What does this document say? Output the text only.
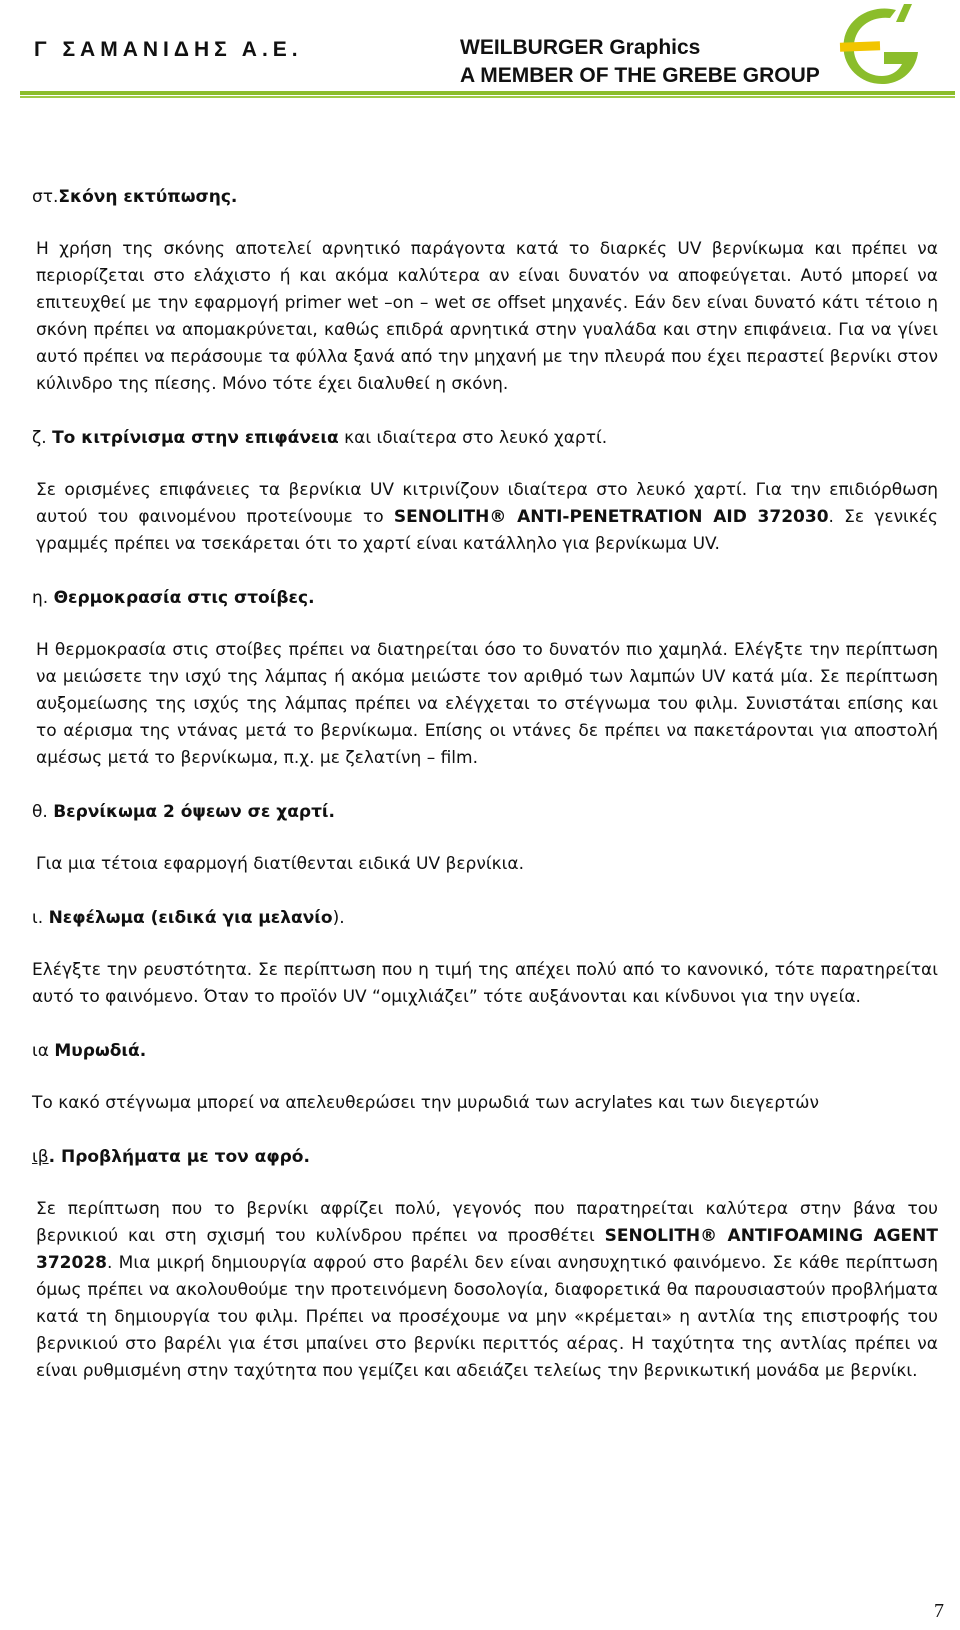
Γ ΣΑΜΑΝΙΔΗΣ Α.Ε.	WEILBURGER Graphics
A MEMBER OF THE GREBE GROUP

στ.Σκόνη εκτύπωσης.

Η χρήση της σκόνης αποτελεί αρνητικό παράγοντα κατά το διαρκές UV βερνίκωμα και πρέπει να περιορίζεται στο ελάχιστο ή και ακόμα καλύτερα αν είναι δυνατόν να αποφεύγεται. Αυτό μπορεί να επιτευχθεί με την εφαρμογή primer wet –on – wet σε offset μηχανές. Εάν δεν είναι δυνατό κάτι τέτοιο η σκόνη πρέπει να απομακρύνεται, καθώς επιδρά αρνητικά στην γυαλάδα και στην επιφάνεια. Για να γίνει αυτό πρέπει να περάσουμε τα φύλλα ξανά από την μηχανή με την πλευρά που έχει περαστεί βερνίκι στον κύλινδρο της πίεσης. Μόνο τότε έχει διαλυθεί η σκόνη.

ζ. Το κιτρίνισμα στην επιφάνεια και ιδιαίτερα στο λευκό χαρτί.

Σε ορισμένες επιφάνειες τα βερνίκια UV κιτρινίζουν ιδιαίτερα στο λευκό χαρτί. Για την επιδιόρθωση αυτού του φαινομένου προτείνουμε το SENOLITH® ANTI-PENETRATION AID 372030. Σε γενικές γραμμές πρέπει να τσεκάρεται ότι το χαρτί είναι κατάλληλο για βερνίκωμα UV.

η. Θερμοκρασία στις στοίβες.

Η θερμοκρασία στις στοίβες πρέπει να διατηρείται όσο το δυνατόν πιο χαμηλά. Ελέγξτε την περίπτωση να μειώσετε την ισχύ της λάμπας ή ακόμα μειώστε τον αριθμό των λαμπών UV κατά μία. Σε περίπτωση αυξομείωσης της ισχύς της λάμπας πρέπει να ελέγχεται το στέγνωμα του φιλμ. Συνιστάται επίσης και το αέρισμα της ντάνας μετά το βερνίκωμα. Επίσης οι ντάνες δε πρέπει να πακετάρονται για αποστολή αμέσως μετά το βερνίκωμα, π.χ. με ζελατίνη – film.

θ. Βερνίκωμα 2 όψεων σε χαρτί.

Για μια τέτοια εφαρμογή διατίθενται ειδικά UV βερνίκια.

ι. Νεφέλωμα (ειδικά για μελανίο).

Ελέγξτε την ρευστότητα. Σε περίπτωση που η τιμή της απέχει πολύ από το κανονικό, τότε παρατηρείται αυτό το φαινόμενο. Όταν το προϊόν UV “ομιχλιάζει” τότε αυξάνονται και κίνδυνοι για την υγεία.

ια Μυρωδιά.

Το κακό στέγνωμα μπορεί να απελευθερώσει την μυρωδιά των acrylates και των διεγερτών

ιβ. Προβλήματα με τον αφρό.

Σε περίπτωση που το βερνίκι αφρίζει πολύ, γεγονός που παρατηρείται καλύτερα στην βάνα του βερνικιού και στη σχισμή του κυλίνδρου πρέπει να προσθέτει SENOLITH® ANTIFOAMING AGENT 372028. Μια μικρή δημιουργία αφρού στο βαρέλι δεν είναι ανησυχητικό φαινόμενο. Σε κάθε περίπτωση όμως πρέπει να ακολουθούμε την προτεινόμενη δοσολογία, διαφορετικά θα παρουσιαστούν προβλήματα κατά τη δημιουργία του φιλμ. Πρέπει να προσέχουμε να μην «κρέμεται» η αντλία της επιστροφής του βερνικιού στο βαρέλι για έτσι μπαίνει στο βερνίκι περιττός αέρας. Η ταχύτητα της αντλίας πρέπει να είναι ρυθμισμένη στην ταχύτητα που γεμίζει και αδειάζει τελείως την βερνικωτική μονάδα με βερνίκι.

7
